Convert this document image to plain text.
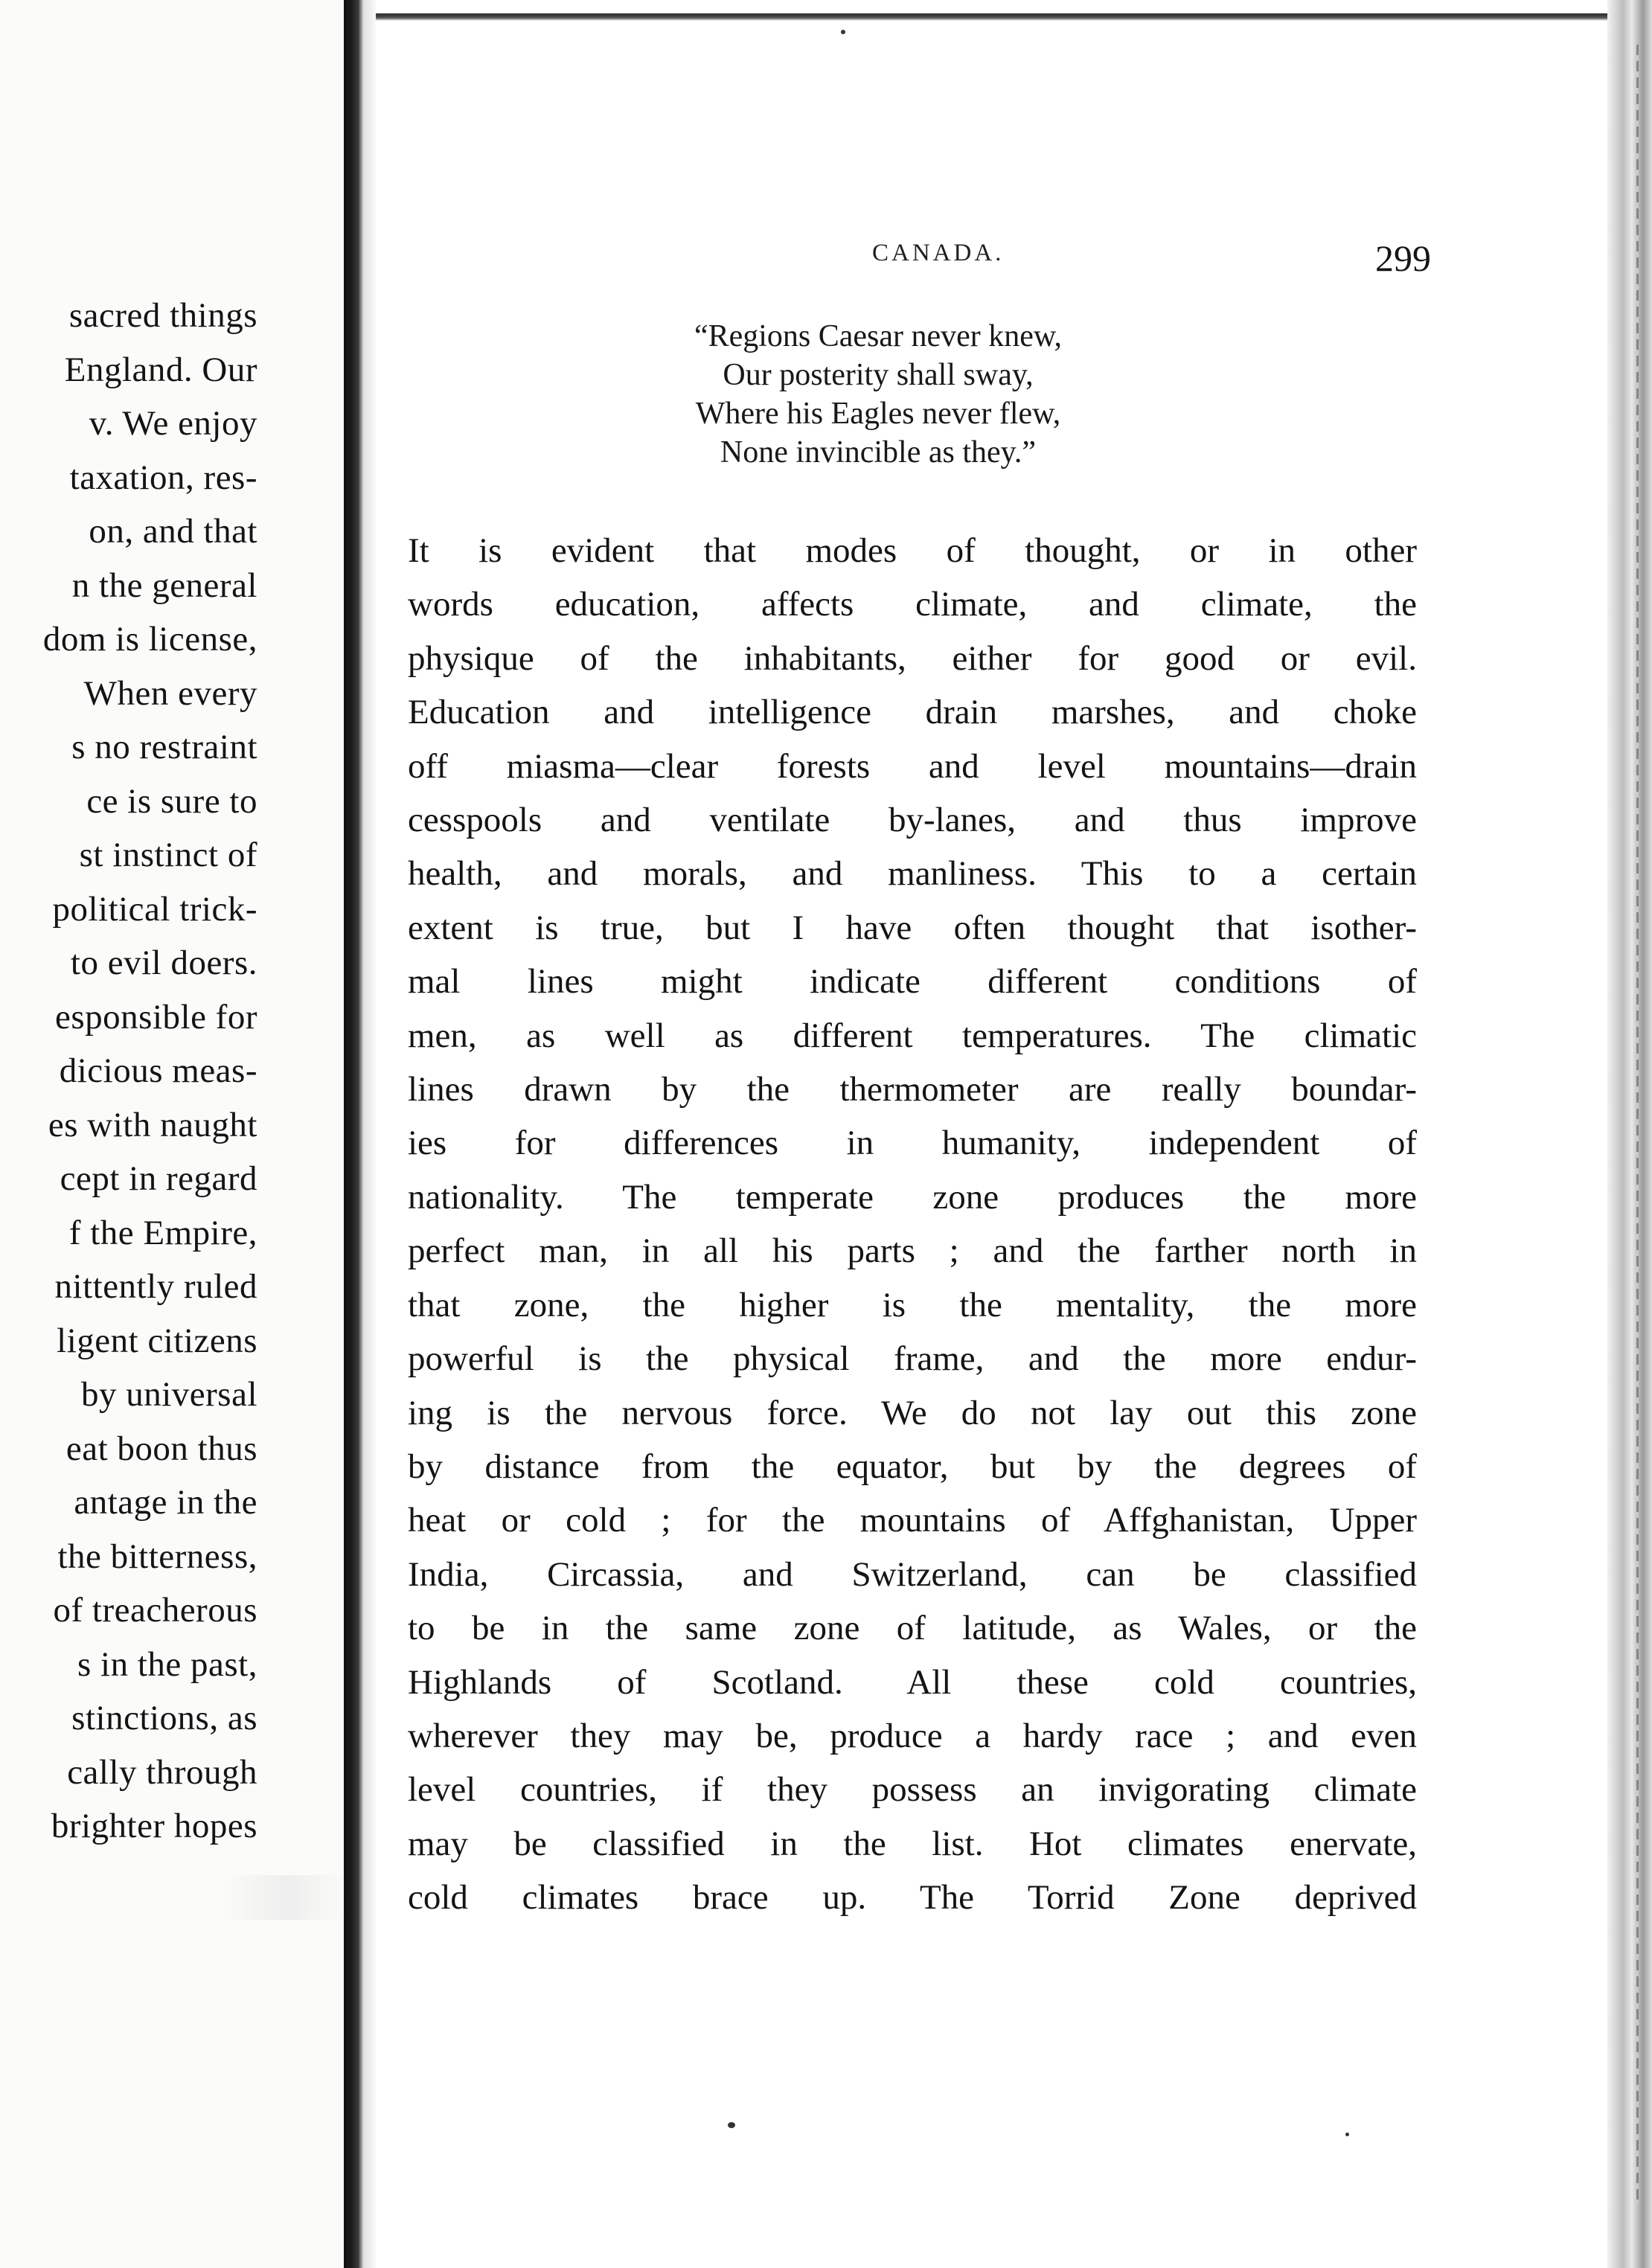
sacred things
England. Our
v. We enjoy
taxation, res-
on, and that
n the general
dom is license,
When every
s no restraint
ce is sure to
st instinct of
political trick-
to evil doers.
esponsible for
dicious meas-
es with naught
cept in regard
f the Empire,
nittently ruled
ligent citizens
by universal
eat boon thus
antage in the
the bitterness,
of treacherous
s in the past,
stinctions, as
cally through
brighter hopes
CANADA.	299
“Regions Caesar never knew,
Our posterity shall sway,
Where his Eagles never flew,
None invincible as they.”
It is evident that modes of thought, or in other
words education, affects climate, and climate, the
physique of the inhabitants, either for good or evil.
Education and intelligence drain marshes, and choke
off miasma—clear forests and level mountains—drain
cesspools and ventilate by-lanes, and thus improve
health, and morals, and manliness. This to a certain
extent is true, but I have often thought that isother-
mal lines might indicate different conditions of
men, as well as different temperatures. The climatic
lines drawn by the thermometer are really boundar-
ies for differences in humanity, independent of
nationality. The temperate zone produces the more
perfect man, in all his parts ; and the farther north in
that zone, the higher is the mentality, the more
powerful is the physical frame, and the more endur-
ing is the nervous force. We do not lay out this zone
by distance from the equator, but by the degrees of
heat or cold ; for the mountains of Affghanistan, Upper
India, Circassia, and Switzerland, can be classified
to be in the same zone of latitude, as Wales, or the
Highlands of Scotland. All these cold countries,
wherever they may be, produce a hardy race ; and even
level countries, if they possess an invigorating climate
may be classified in the list. Hot climates enervate,
cold climates brace up. The Torrid Zone deprived
